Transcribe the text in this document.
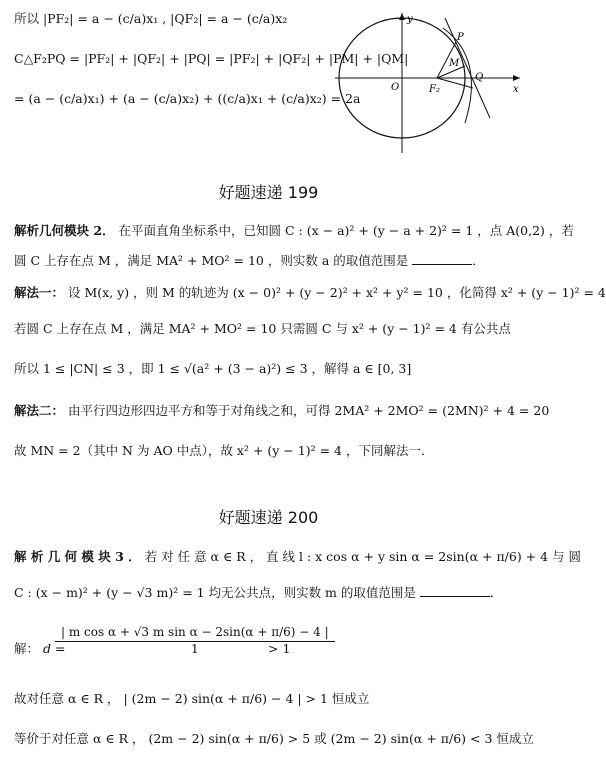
所以 |PF₂| = a − (c/a)x₁ , |QF₂| = a − (c/a)x₂
C△F₂PQ = |PF₂| + |QF₂| + |PQ| = |PF₂| + |QF₂| + |PM| + |QM|
= (a − (c/a)x₁) + (a − (c/a)x₂) + ((c/a)x₁ + (c/a)x₂) = 2a
y
x
O	F₂
P
M
Q
好题速递 199
解析几何模块 2． 在平面直角坐标系中，已知圆 C : (x − a)² + (y − a + 2)² = 1 ，点 A(0,2) ，若
圆 C 上存在点 M ，满足 MA² + MO² = 10 ，则实数 a 的取值范围是	．
解法一： 设 M(x, y) ，则 M 的轨迹为 (x − 0)² + (y − 2)² + x² + y² = 10 ，化简得 x² + (y − 1)² = 4
若圆 C 上存在点 M ，满足 MA² + MO² = 10 只需圆 C 与 x² + (y − 1)² = 4 有公共点
所以 1 ≤ |CN| ≤ 3 ，即 1 ≤ √(a² + (3 − a)²) ≤ 3 ，解得 a ∈ [0, 3]
解法二： 由平行四边形四边平方和等于对角线之和，可得 2MA² + 2MO² = (2MN)² + 4 = 20
故 MN = 2（其中 N 为 AO 中点），故 x² + (y − 1)² = 4 ，下同解法一．
好题速递 200
解 析 几 何 模 块 3 ． 若 对 任 意 α ∈ R ， 直 线 l : x cos α + y sin α = 2sin(α + π/6) + 4 与 圆
C : (x − m)² + (y − √3 m)² = 1 均无公共点，则实数 m 的取值范围是	．
解： d =
$\frac{\text{| m cos α + √3 m sin α − 2sin(α + π/6) − 4 |}}{1}$
> 1
故对任意 α ∈ R ， | (2m − 2) sin(α + π/6) − 4 | > 1 恒成立
等价于对任意 α ∈ R ， (2m − 2) sin(α + π/6) > 5 或 (2m − 2) sin(α + π/6) < 3 恒成立
